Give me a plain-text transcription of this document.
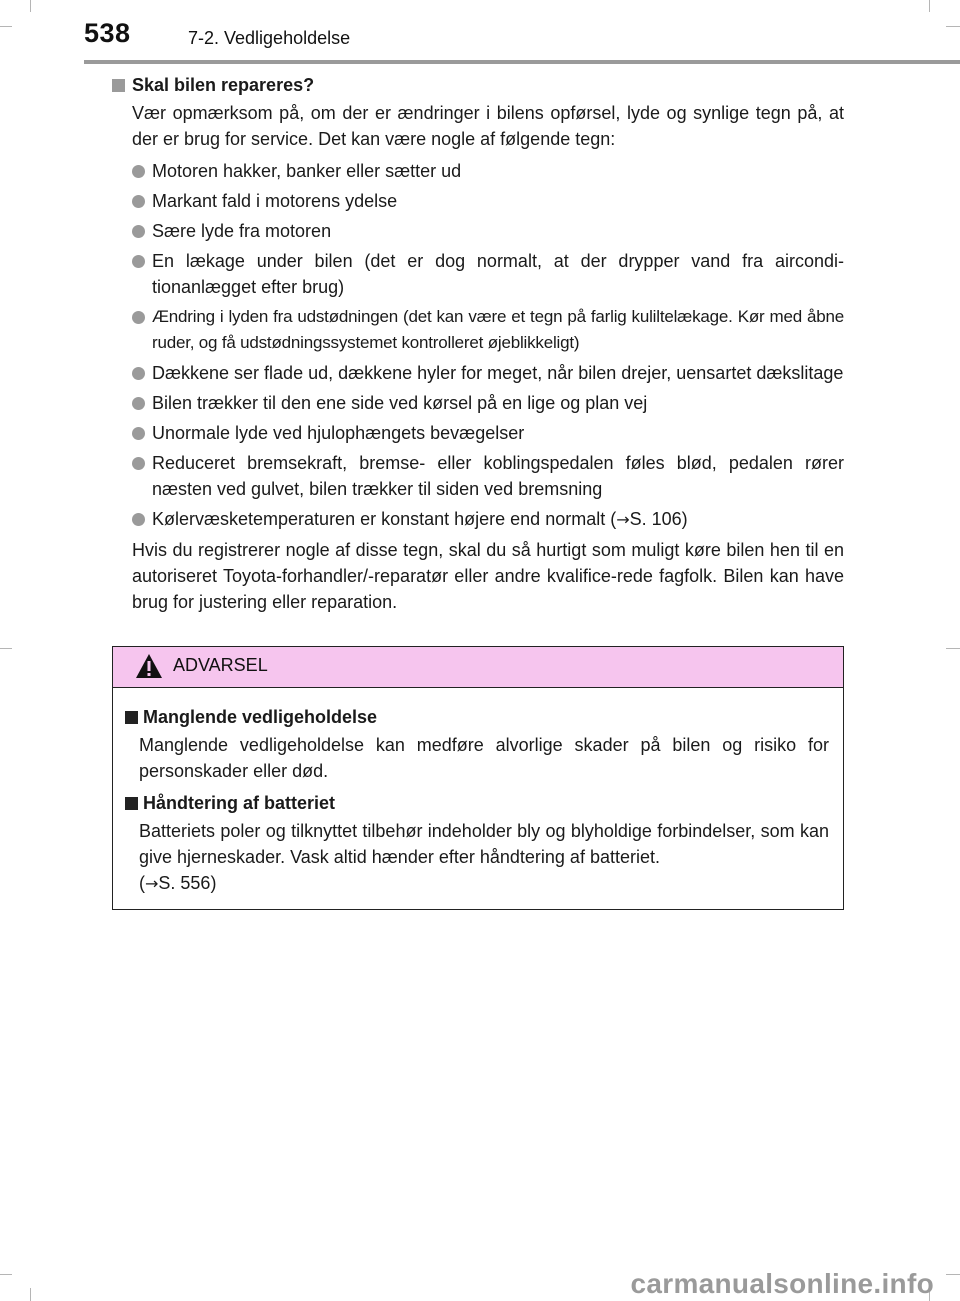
538	7-2. Vedligeholdelse
Skal bilen repareres?
Vær opmærksom på, om der er ændringer i bilens opførsel, lyde og synlige tegn på, at der er brug for service. Det kan være nogle af følgende tegn:
Motoren hakker, banker eller sætter ud
Markant fald i motorens ydelse
Sære lyde fra motoren
En lækage under bilen (det er dog normalt, at der drypper vand fra aircondi-tionanlægget efter brug)
Ændring i lyden fra udstødningen (det kan være et tegn på farlig kuliltelækage. Kør med åbne ruder, og få udstødningssystemet kontrolleret øjeblikkeligt)
Dækkene ser flade ud, dækkene hyler for meget, når bilen drejer, uensartet dækslitage
Bilen trækker til den ene side ved kørsel på en lige og plan vej
Unormale lyde ved hjulophængets bevægelser
Reduceret bremsekraft, bremse- eller koblingspedalen føles blød, pedalen rører næsten ved gulvet, bilen trækker til siden ved bremsning
Kølervæsketemperaturen er konstant højere end normalt (→S. 106)
Hvis du registrerer nogle af disse tegn, skal du så hurtigt som muligt køre bilen hen til en autoriseret Toyota-forhandler/-reparatør eller andre kvalifice-rede fagfolk. Bilen kan have brug for justering eller reparation.
ADVARSEL
Manglende vedligeholdelse
Manglende vedligeholdelse kan medføre alvorlige skader på bilen og risiko for personskader eller død.
Håndtering af batteriet
Batteriets poler og tilknyttet tilbehør indeholder bly og blyholdige forbindelser, som kan give hjerneskader. Vask altid hænder efter håndtering af batteriet.
(→S. 556)
carmanualsonline.info
